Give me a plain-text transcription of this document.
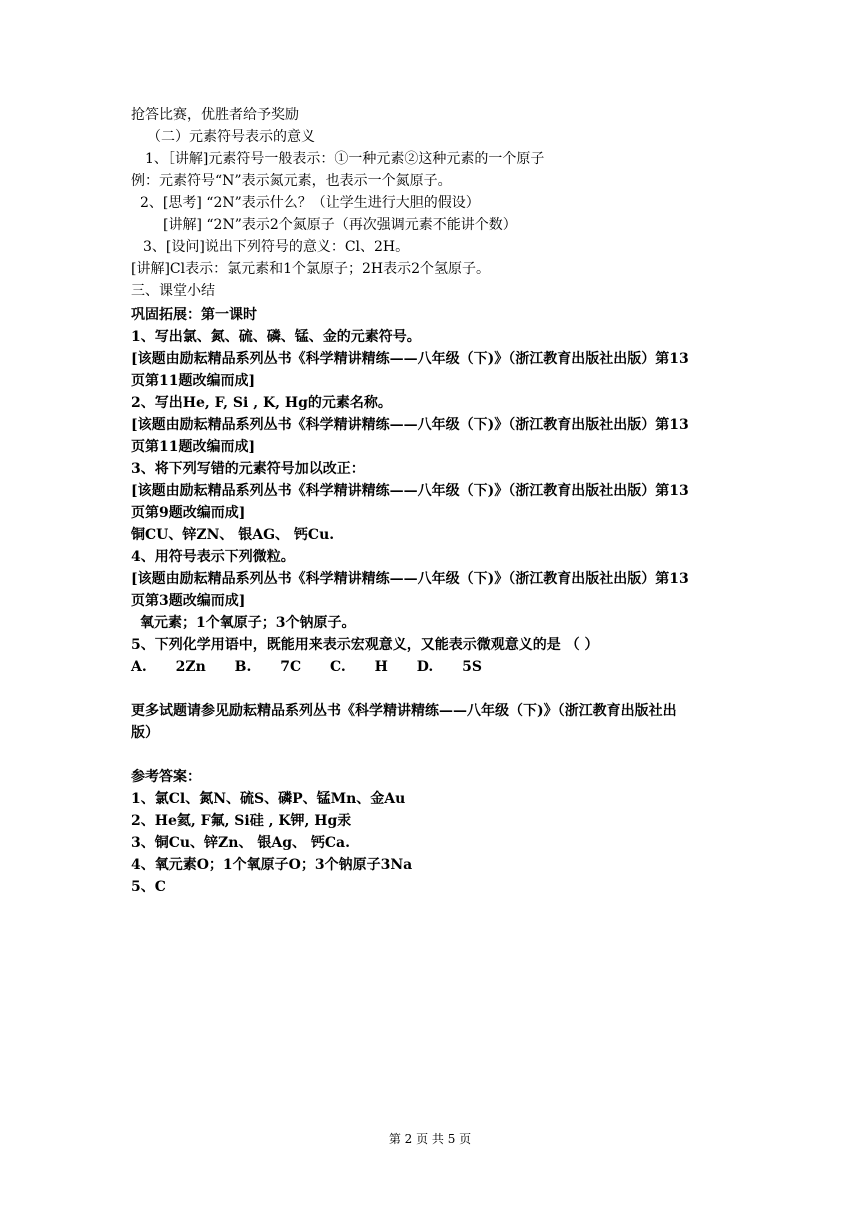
抢答比赛，优胜者给予奖励
（二）元素符号表示的意义
1、［讲解]元素符号一般表示：①一种元素②这种元素的一个原子
例：元素符号“N”表示氮元素，也表示一个氮原子。
2、[思考] “2N”表示什么？（让学生进行大胆的假设）
[讲解] “2N”表示2个氮原子（再次强调元素不能讲个数）
3、[设问]说出下列符号的意义：Cl、2H。
[讲解]Cl表示：氯元素和1个氯原子；2H表示2个氢原子。
三、课堂小结
巩固拓展：第一课时
1、写出氯、氮、硫、磷、锰、金的元素符号。
[该题由励耘精品系列丛书《科学精讲精练——八年级（下)》（浙江教育出版社出版）第13
页第11题改编而成]
2、写出He, F, Si , K, Hg的元素名称。
[该题由励耘精品系列丛书《科学精讲精练——八年级（下)》（浙江教育出版社出版）第13
页第11题改编而成]
3、将下列写错的元素符号加以改正：
[该题由励耘精品系列丛书《科学精讲精练——八年级（下)》（浙江教育出版社出版）第13
页第9题改编而成]
铜CU、锌ZN、 银AG、 钙Cu.
4、用符号表示下列微粒。
[该题由励耘精品系列丛书《科学精讲精练——八年级（下)》（浙江教育出版社出版）第13
页第3题改编而成]
氧元素；1个氧原子；3个钠原子。
5、下列化学用语中，既能用来表示宏观意义，又能表示微观意义的是 （ ）
A. 2Zn B. 7C C. H D. 5S
更多试题请参见励耘精品系列丛书《科学精讲精练——八年级（下)》（浙江教育出版社出
版）
参考答案：
1、氯Cl、氮N、硫S、磷P、锰Mn、金Au
2、He氦, F氟, Si硅 , K钾, Hg汞
3、铜Cu、锌Zn、 银Ag、 钙Ca.
4、氧元素O；1个氧原子O；3个钠原子3Na
5、C
第 2 页 共 5 页
